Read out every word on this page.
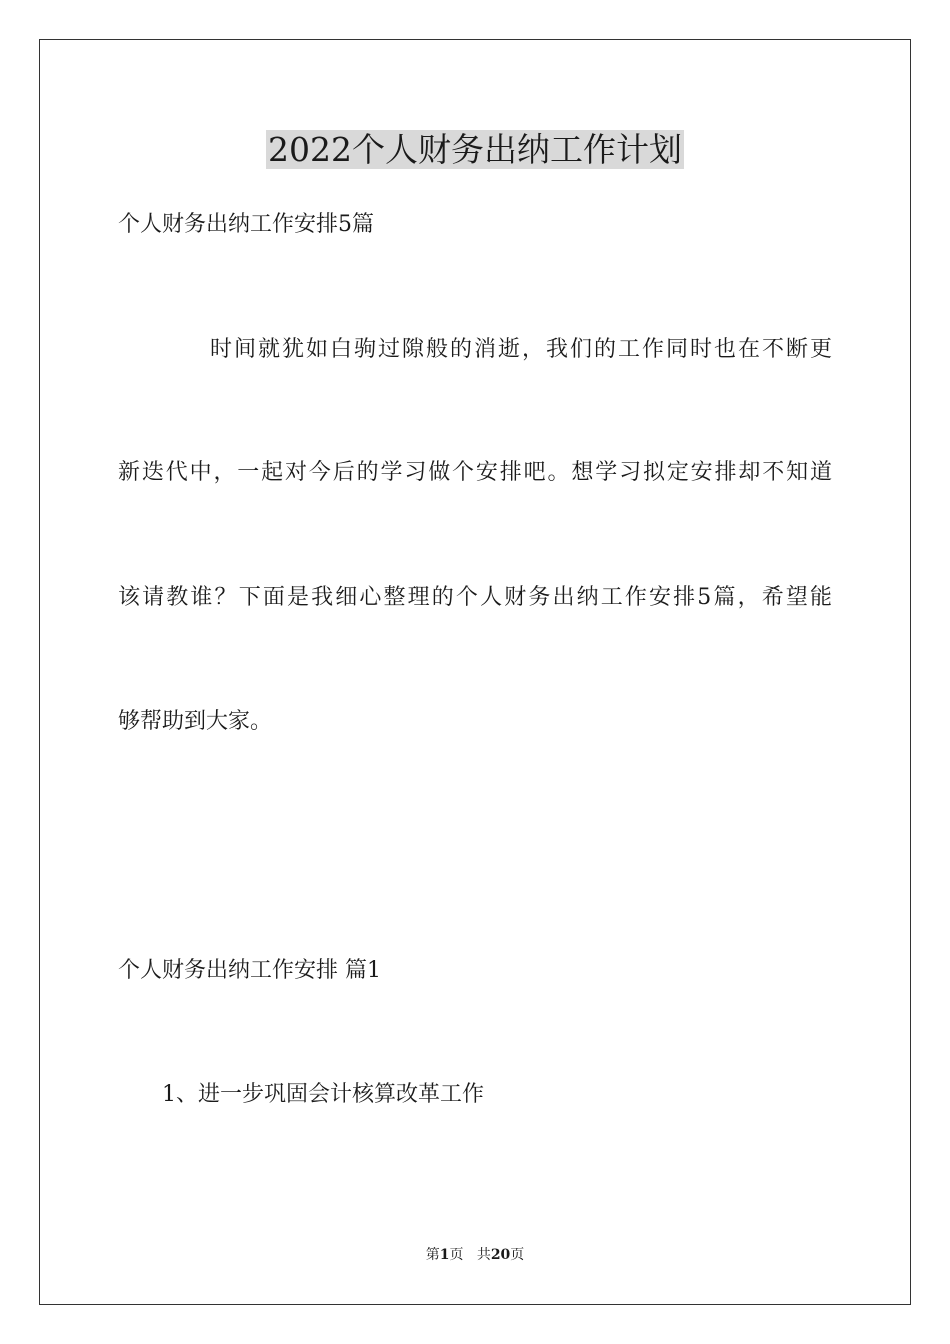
2022个人财务出纳工作计划

个人财务出纳工作安排5篇

时间就犹如白驹过隙般的消逝，我们的工作同时也在不断更

新迭代中，一起对今后的学习做个安排吧。想学习拟定安排却不知道

该请教谁？下面是我细心整理的个人财务出纳工作安排5篇，希望能

够帮助到大家。

个人财务出纳工作安排 篇1

1、进一步巩固会计核算改革工作

第1页 共20页
